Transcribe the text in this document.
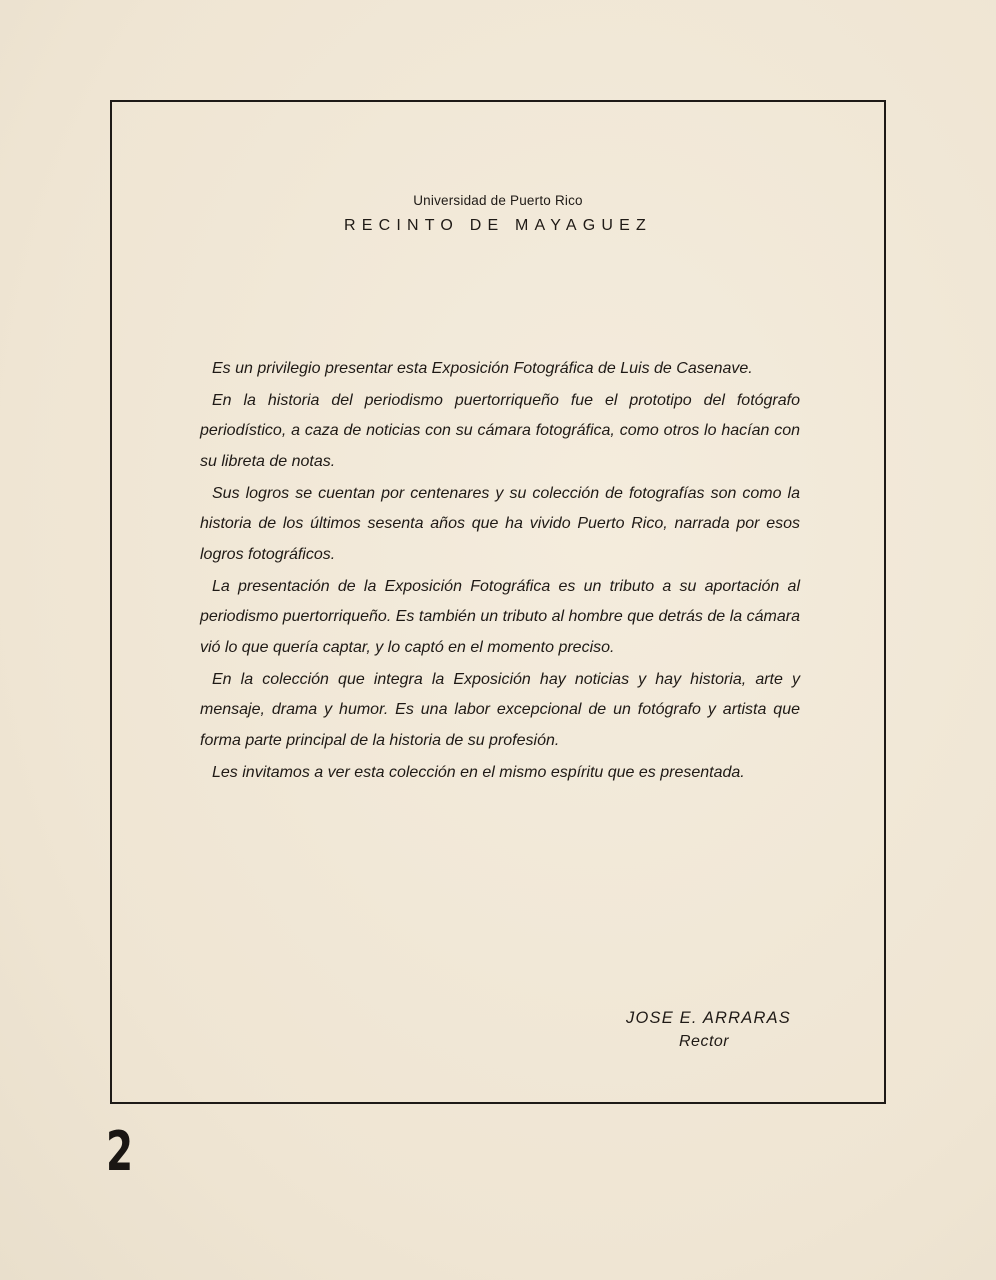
Universidad de Puerto Rico
RECINTO DE MAYAGUEZ

Es un privilegio presentar esta Exposición Fotográfica de Luis de Casenave.

En la historia del periodismo puertorriqueño fue el prototipo del fotógrafo periodístico, a caza de noticias con su cámara fotográfica, como otros lo hacían con su libreta de notas.

Sus logros se cuentan por centenares y su colección de fotografías son como la historia de los últimos sesenta años que ha vivido Puerto Rico, narrada por esos logros fotográficos.

La presentación de la Exposición Fotográfica es un tributo a su aportación al periodismo puertorriqueño. Es también un tributo al hombre que detrás de la cámara vió lo que quería captar, y lo captó en el momento preciso.

En la colección que integra la Exposición hay noticias y hay historia, arte y mensaje, drama y humor. Es una labor excepcional de un fotógrafo y artista que forma parte principal de la historia de su profesión.

Les invitamos a ver esta colección en el mismo espíritu que es presentada.

JOSE E. ARRARAS
Rector
2
